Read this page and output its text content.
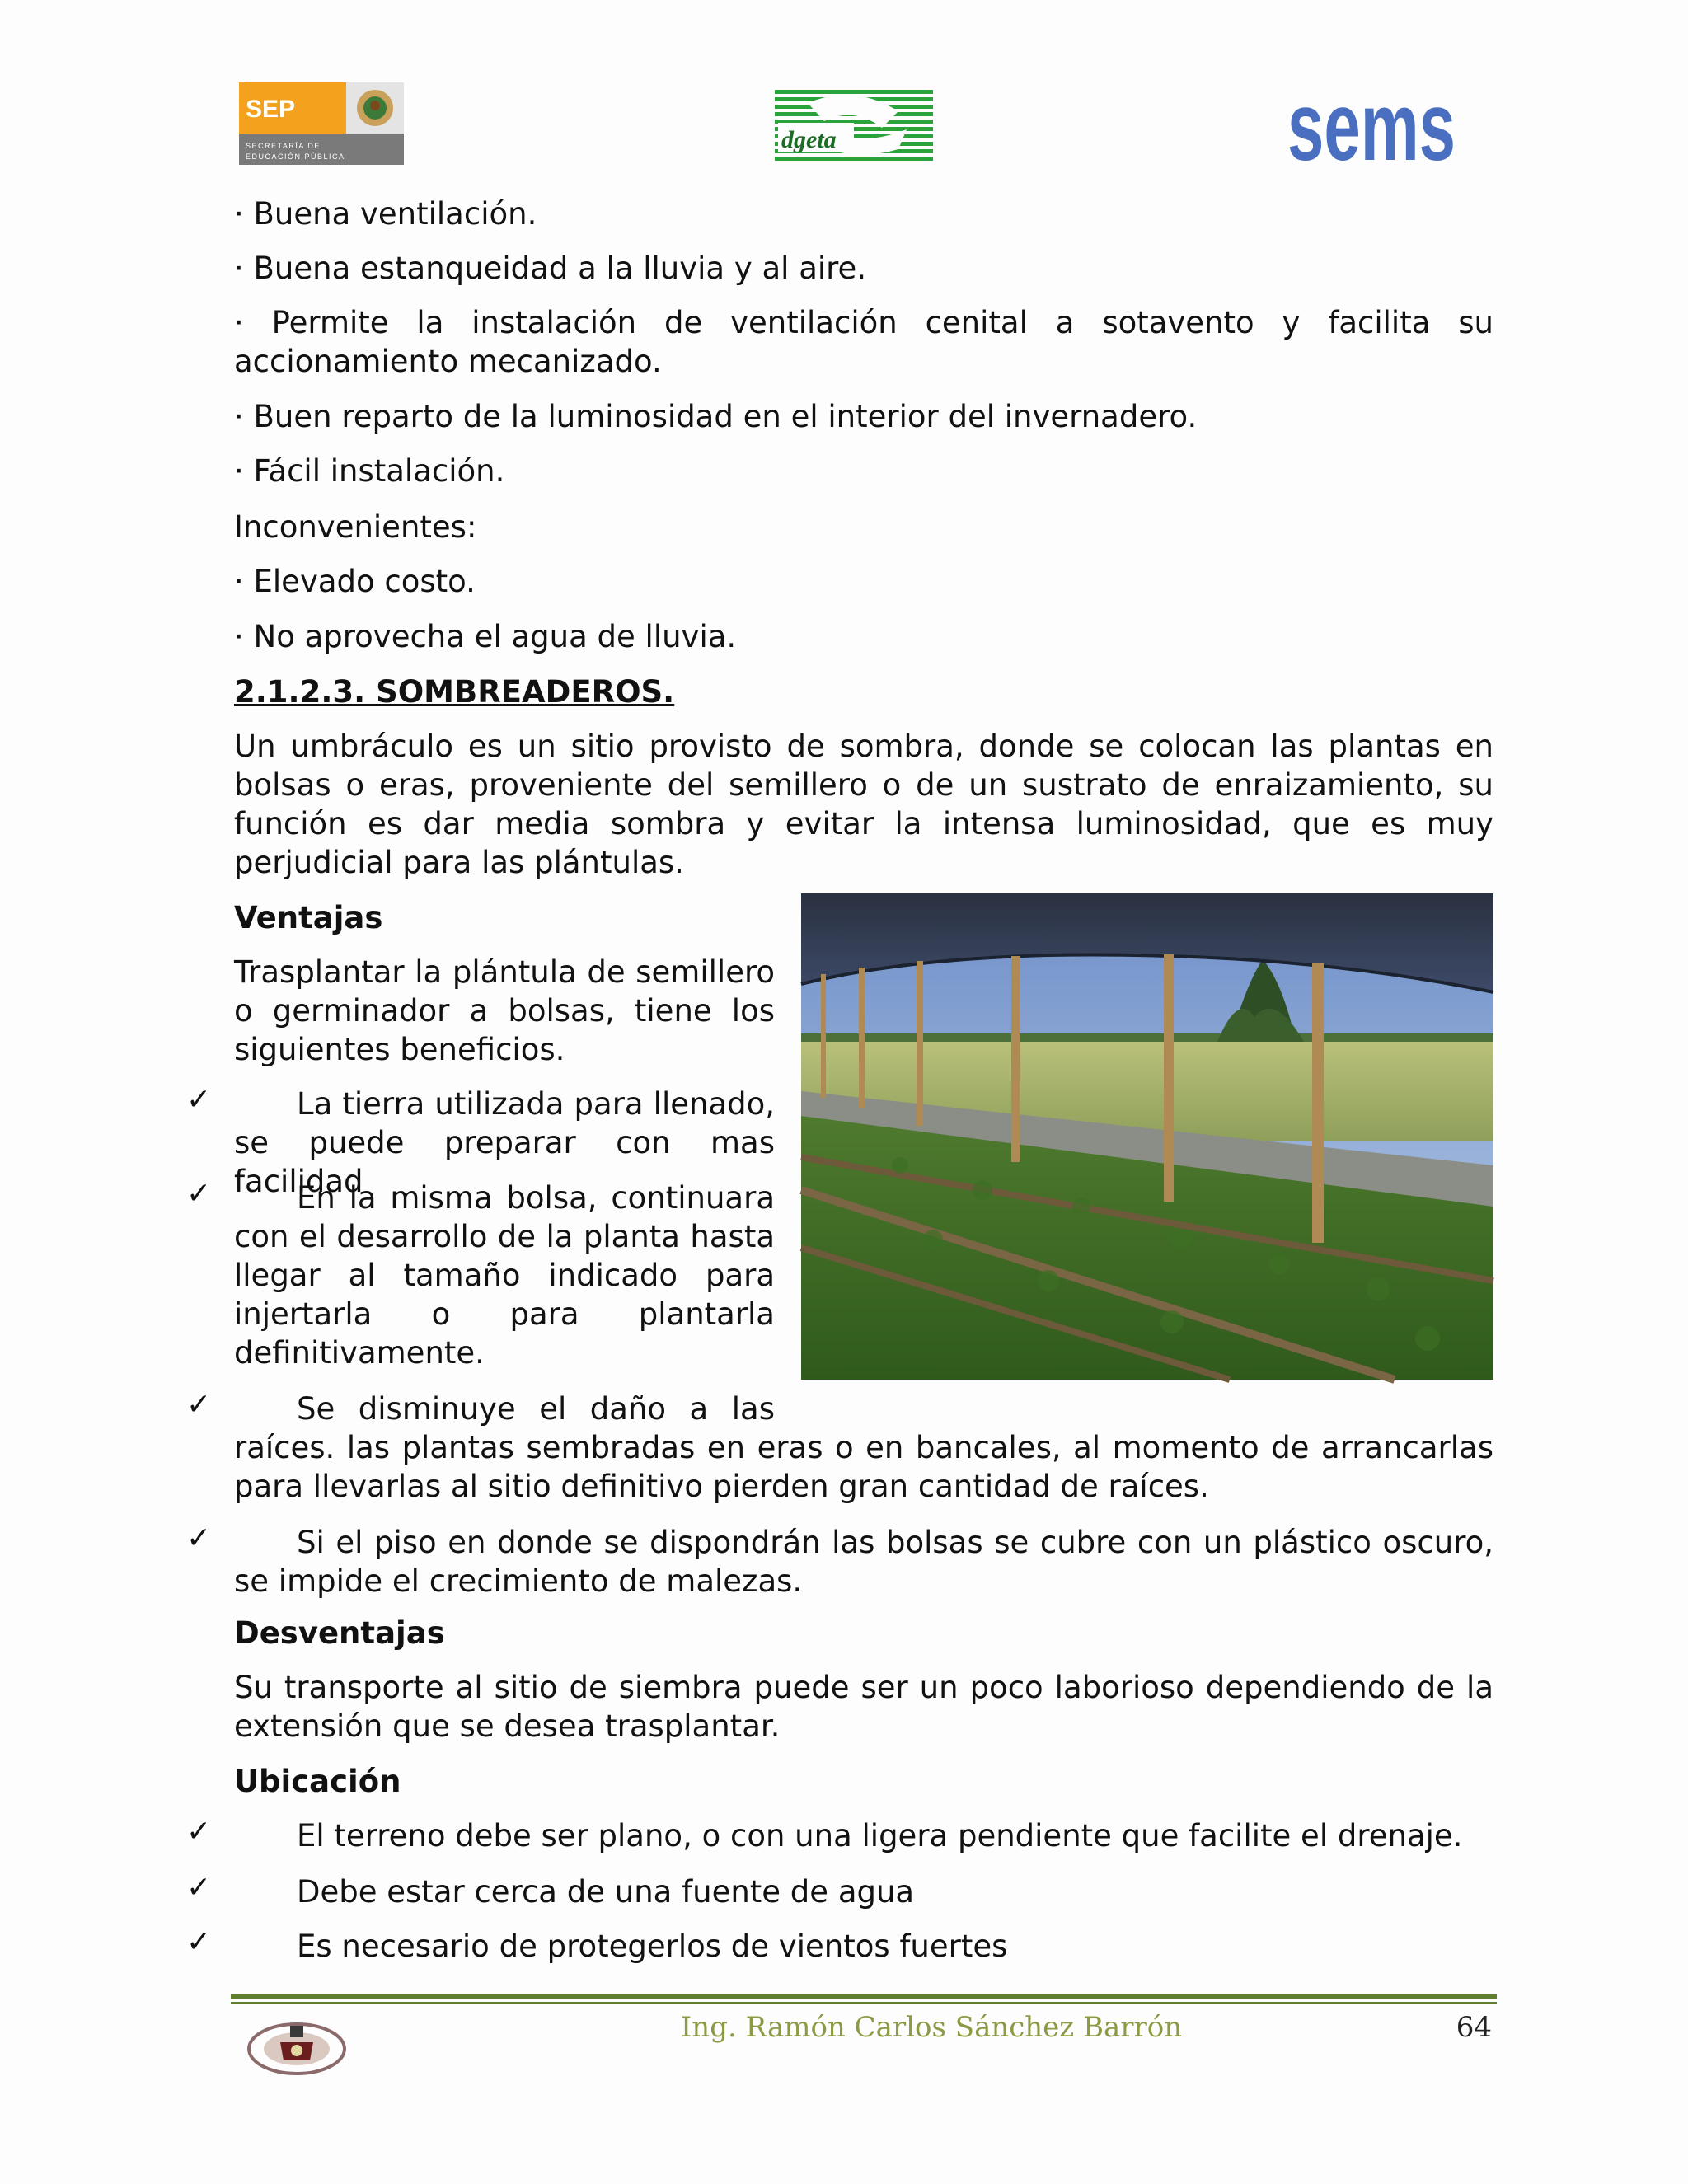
SEP
SECRETARÍA DE
EDUCACIÓN PÚBLICA
dgeta	sems
· Buena ventilación.
· Buena estanqueidad a la lluvia y al aire.
· Permite la instalación de ventilación cenital a sotavento y facilita su accionamiento mecanizado.
· Buen reparto de la luminosidad en el interior del invernadero.
· Fácil instalación.
Inconvenientes:
· Elevado costo.
· No aprovecha el agua de lluvia.
2.1.2.3. SOMBREADEROS.
Un umbráculo es un sitio provisto de sombra, donde se colocan las plantas en bolsas o eras, proveniente del semillero o de un sustrato de enraizamiento, su función es dar media sombra y evitar la intensa luminosidad, que es muy perjudicial para las plántulas.
Ventajas
Trasplantar la plántula de semillero o germinador a bolsas, tiene los siguientes beneficios.
✓	La tierra utilizada para llenado, se puede preparar con mas facilidad
✓	En la misma bolsa, continuara con el desarrollo de la planta hasta llegar al tamaño indicado para injertarla o para plantarla definitivamente.
✓	Se disminuye el daño a las
raíces. las plantas sembradas en eras o en bancales, al momento de arrancarlas para llevarlas al sitio definitivo pierden gran cantidad de raíces.
✓	Si el piso en donde se dispondrán las bolsas se cubre con un plástico oscuro, se impide el crecimiento de malezas.
Desventajas
Su transporte al sitio de siembra puede ser un poco laborioso dependiendo de la extensión que se desea trasplantar.
Ubicación
✓	El terreno debe ser plano, o con una ligera pendiente que facilite el drenaje.
✓	Debe estar cerca de una fuente de agua
✓	Es necesario de protegerlos de vientos fuertes
Ing. Ramón Carlos Sánchez Barrón	64
